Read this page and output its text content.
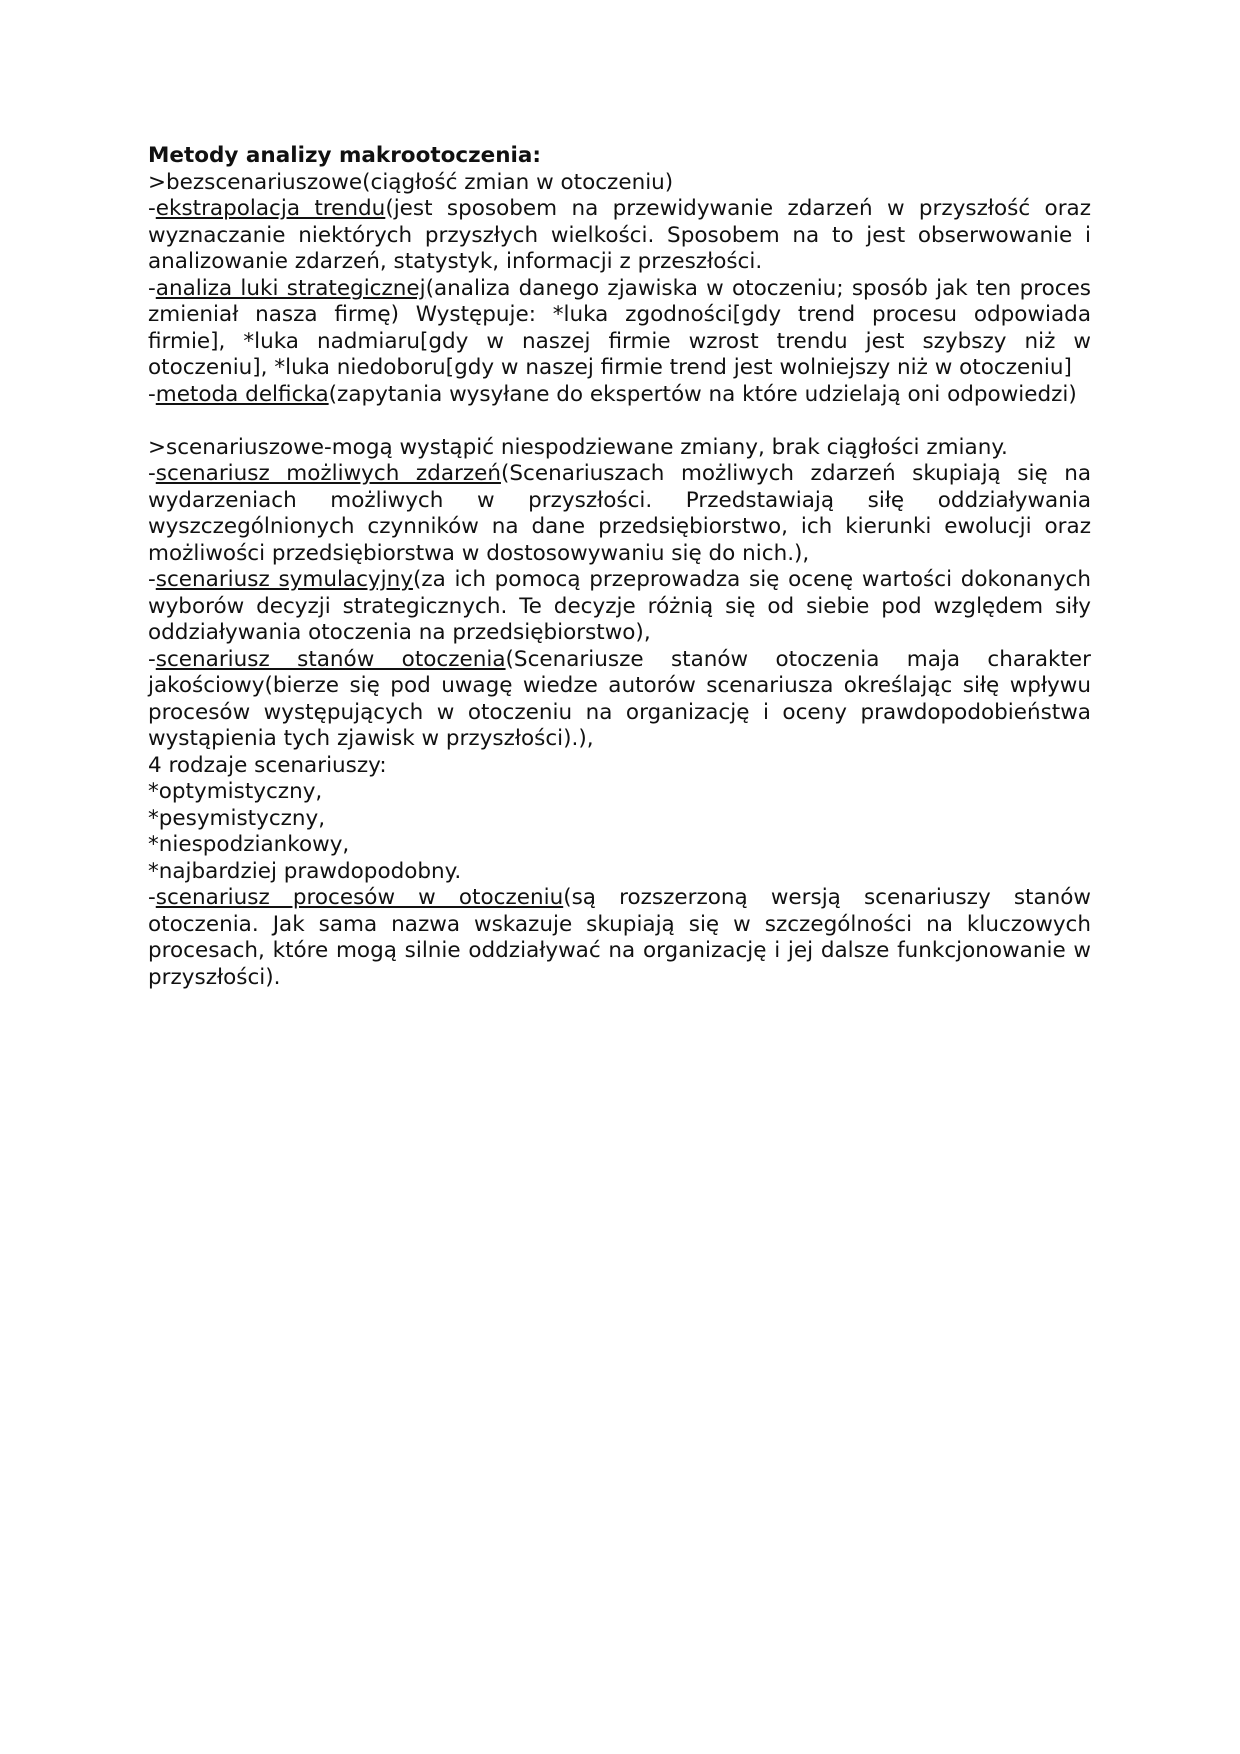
Metody analizy makrootoczenia:
>bezscenariuszowe(ciągłość zmian w otoczeniu)

-ekstrapolacja trendu(jest sposobem na przewidywanie zdarzeń w przyszłość oraz wyznaczanie niektórych przyszłych wielkości. Sposobem na to jest obserwowanie i analizowanie zdarzeń, statystyk, informacji z przeszłości.

-analiza luki strategicznej(analiza danego zjawiska w otoczeniu; sposób jak ten proces zmieniał nasza firmę) Występuje: *luka zgodności[gdy trend procesu odpowiada firmie], *luka nadmiaru[gdy w naszej firmie wzrost trendu jest szybszy niż w otoczeniu], *luka niedoboru[gdy w naszej firmie trend jest wolniejszy niż w otoczeniu]

-metoda delficka(zapytania wysyłane do ekspertów na które udzielają oni odpowiedzi)

>scenariuszowe-mogą wystąpić niespodziewane zmiany, brak ciągłości zmiany.

-scenariusz możliwych zdarzeń(Scenariuszach możliwych zdarzeń skupiają się na wydarzeniach możliwych w przyszłości. Przedstawiają siłę oddziaływania wyszczególnionych czynników na dane przedsiębiorstwo, ich kierunki ewolucji oraz możliwości przedsiębiorstwa w dostosowywaniu się do nich.),

-scenariusz symulacyjny(za ich pomocą przeprowadza się ocenę wartości dokonanych wyborów decyzji strategicznych. Te decyzje różnią się od siebie pod względem siły oddziaływania otoczenia na przedsiębiorstwo),

-scenariusz stanów otoczenia(Scenariusze stanów otoczenia maja charakter jakościowy(bierze się pod uwagę wiedze autorów scenariusza określając siłę wpływu procesów występujących w otoczeniu na organizację i oceny prawdopodobieństwa wystąpienia tych zjawisk w przyszłości).),

4 rodzaje scenariuszy:
*optymistyczny,
*pesymistyczny,
*niespodziankowy,
*najbardziej prawdopodobny.

-scenariusz procesów w otoczeniu(są rozszerzoną wersją scenariuszy stanów otoczenia. Jak sama nazwa wskazuje skupiają się w szczególności na kluczowych procesach, które mogą silnie oddziaływać na organizację i jej dalsze funkcjonowanie w przyszłości).
